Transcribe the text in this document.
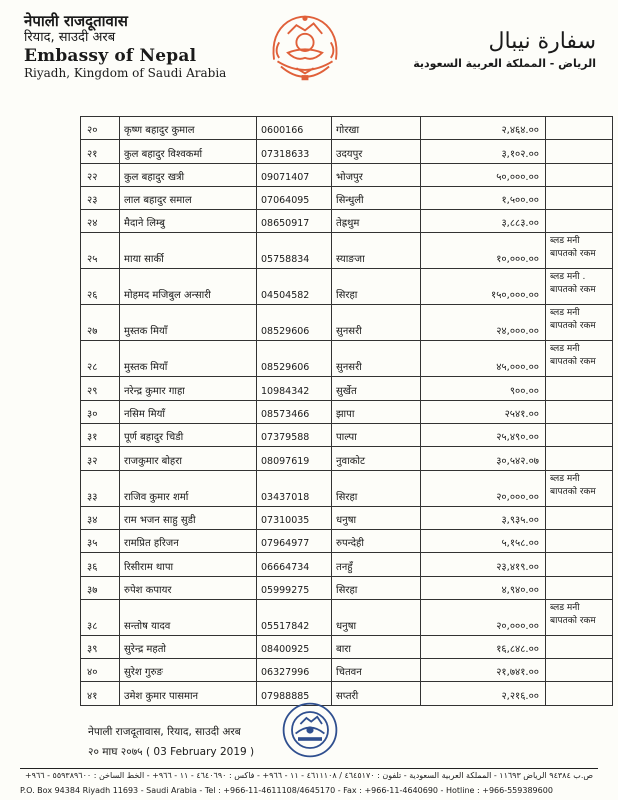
नेपाली राजदूतावास
रियाद, साउदी अरब
Embassy of Nepal
Riyadh, Kingdom of Saudi Arabia
سفارة نيبال
الرياض - المملكة العربية السعودية
२०	कृष्ण बहादुर कुमाल	0600166	गोरखा	२,४६४.००	
२१	कुल बहादुर विश्वकर्मा	07318633	उदयपुर	३,१०२.००	
२२	कुल बहादुर खत्री	09071407	भोजपुर	५०,०००.००	
२३	लाल बहादुर समाल	07064095	सिन्धुली	१,५००.००	
२४	मैदाने लिम्बु	08650917	तेह्रथुम	३,८८३.००	
२५	माया सार्की	05758834	स्याङजा	१०,०००.००	ब्लड मनी बापतको रकम
२६	मोहमद मजिबुल अन्सारी	04504582	सिरहा	१५०,०००.००	ब्लड मनी . बापतको रकम
२७	मुस्तक मियाँ	08529606	सुनसरी	२४,०००.००	ब्लड मनी बापतको रकम
२८	मुस्तक मियाँ	08529606	सुनसरी	४५,०००.००	ब्लड मनी बापतको रकम
२९	नरेन्द्र कुमार गाहा	10984342	सुर्खेत	९००.००	
३०	नसिम मियाँ	08573466	झापा	२५४१.००	
३१	पूर्ण बहादुर चिडी	07379588	पाल्पा	२५,४९०.००	
३२	राजकुमार बोहरा	08097619	नुवाकोट	३०,५४२.०७	
३३	राजिव कुमार शर्मा	03437018	सिरहा	२०,०००.००	ब्लड मनी बापतको रकम
३४	राम भजन साहु सुडी	07310035	धनुषा	३,९३५.००	
३५	रामप्रित हरिजन	07964977	रुपन्देही	५,१५८.००	
३६	रिसीराम थापा	06664734	तनहुँ	२३,४१९.००	
३७	रुपेश कपायर	05999275	सिरहा	४,९४०.००	
३८	सन्तोष यादव	05517842	धनुषा	२०,०००.००	ब्लड मनी बापतको रकम
३९	सुरेन्द्र महतो	08400925	बारा	१६,८४८.००	
४०	सुरेश गुरुङ	06327996	चितवन	२१,७४१.००	
४१	उमेश कुमार पासमान	07988885	सप्तरी	२,२१६.००	
नेपाली राजदूतावास, रियाद, साउदी अरब
२० माघ २०७५ ( 03 February 2019 )
ص.ب ٩٤٣٨٤ الرياض ١١٦٩٣ - المملكة العربية السعودية - تلفون : ٤٦٤٥١٧٠ / ٤٦١١١٠٨ - ١١ - ٩٦٦+ - فاكس : ٤٦٤٠٦٩٠ - ١١ - ٩٦٦+ - الخط الساخن : ٥٥٩٣٨٩٦٠٠ - ٩٦٦+
P.O. Box 94384 Riyadh 11693 - Saudi Arabia - Tel : +966-11-4611108/4645170 - Fax : +966-11-4640690 - Hotline : +966-559389600
